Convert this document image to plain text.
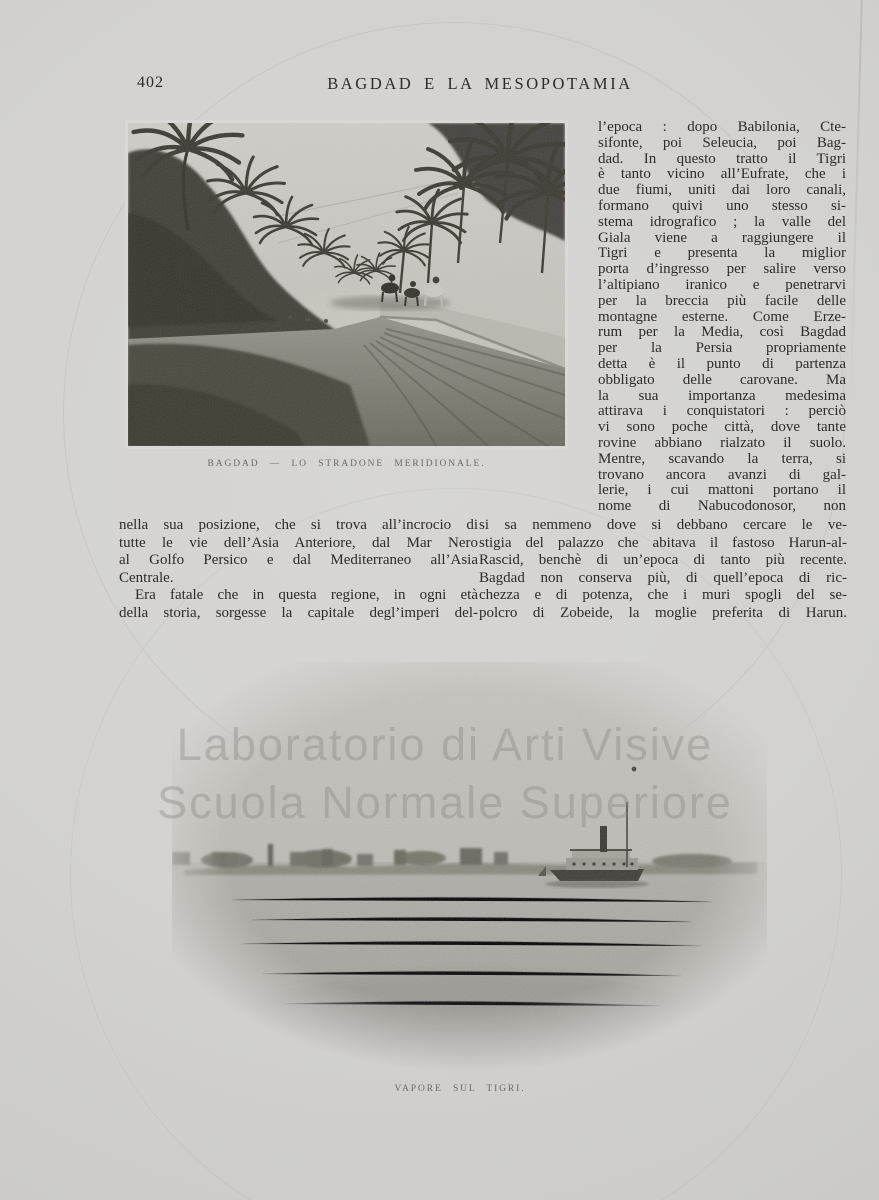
402	BAGDAD E LA MESOPOTAMIA
BAGDAD — LO STRADONE MERIDIONALE.
l’epoca : dopo Babilonia, Cte-
sifonte, poi Seleucia, poi Bag-
dad. In questo tratto il Tigri
è tanto vicino all’Eufrate, che i
due fiumi, uniti dai loro canali,
formano quivi uno stesso si-
stema idrografico ; la valle del
Giala viene a raggiungere il
Tigri e presenta la miglior
porta d’ingresso per salire verso
l’altipiano iranico e penetrarvi
per la breccia più facile delle
montagne esterne. Come Erze-
rum per la Media, così Bagdad
per la Persia propriamente
detta è il punto di partenza
obbligato delle carovane. Ma
la sua importanza medesima
attirava i conquistatori : perciò
vi sono poche città, dove tante
rovine abbiano rialzato il suolo.
Mentre, scavando la terra, si
trovano ancora avanzi di gal-
lerie, i cui mattoni portano il
nome di Nabucodonosor, non
nella sua posizione, che si trova all’incrocio di
tutte le vie dell’Asia Anteriore, dal Mar Nero
al Golfo Persico e dal Mediterraneo all’Asia
Centrale.
Era fatale che in questa regione, in ogni età
della storia, sorgesse la capitale degl’imperi del-
si sa nemmeno dove si debbano cercare le ve-
stigia del palazzo che abitava il fastoso Harun-al-
Rascid, benchè di un’epoca di tanto più recente.
Bagdad non conserva più, di quell’epoca di ric-
chezza e di potenza, che i muri spogli del se-
polcro di Zobeide, la moglie preferita di Harun.
VAPORE SUL TIGRI.
Laboratorio di Arti Visive
Scuola Normale Superiore
